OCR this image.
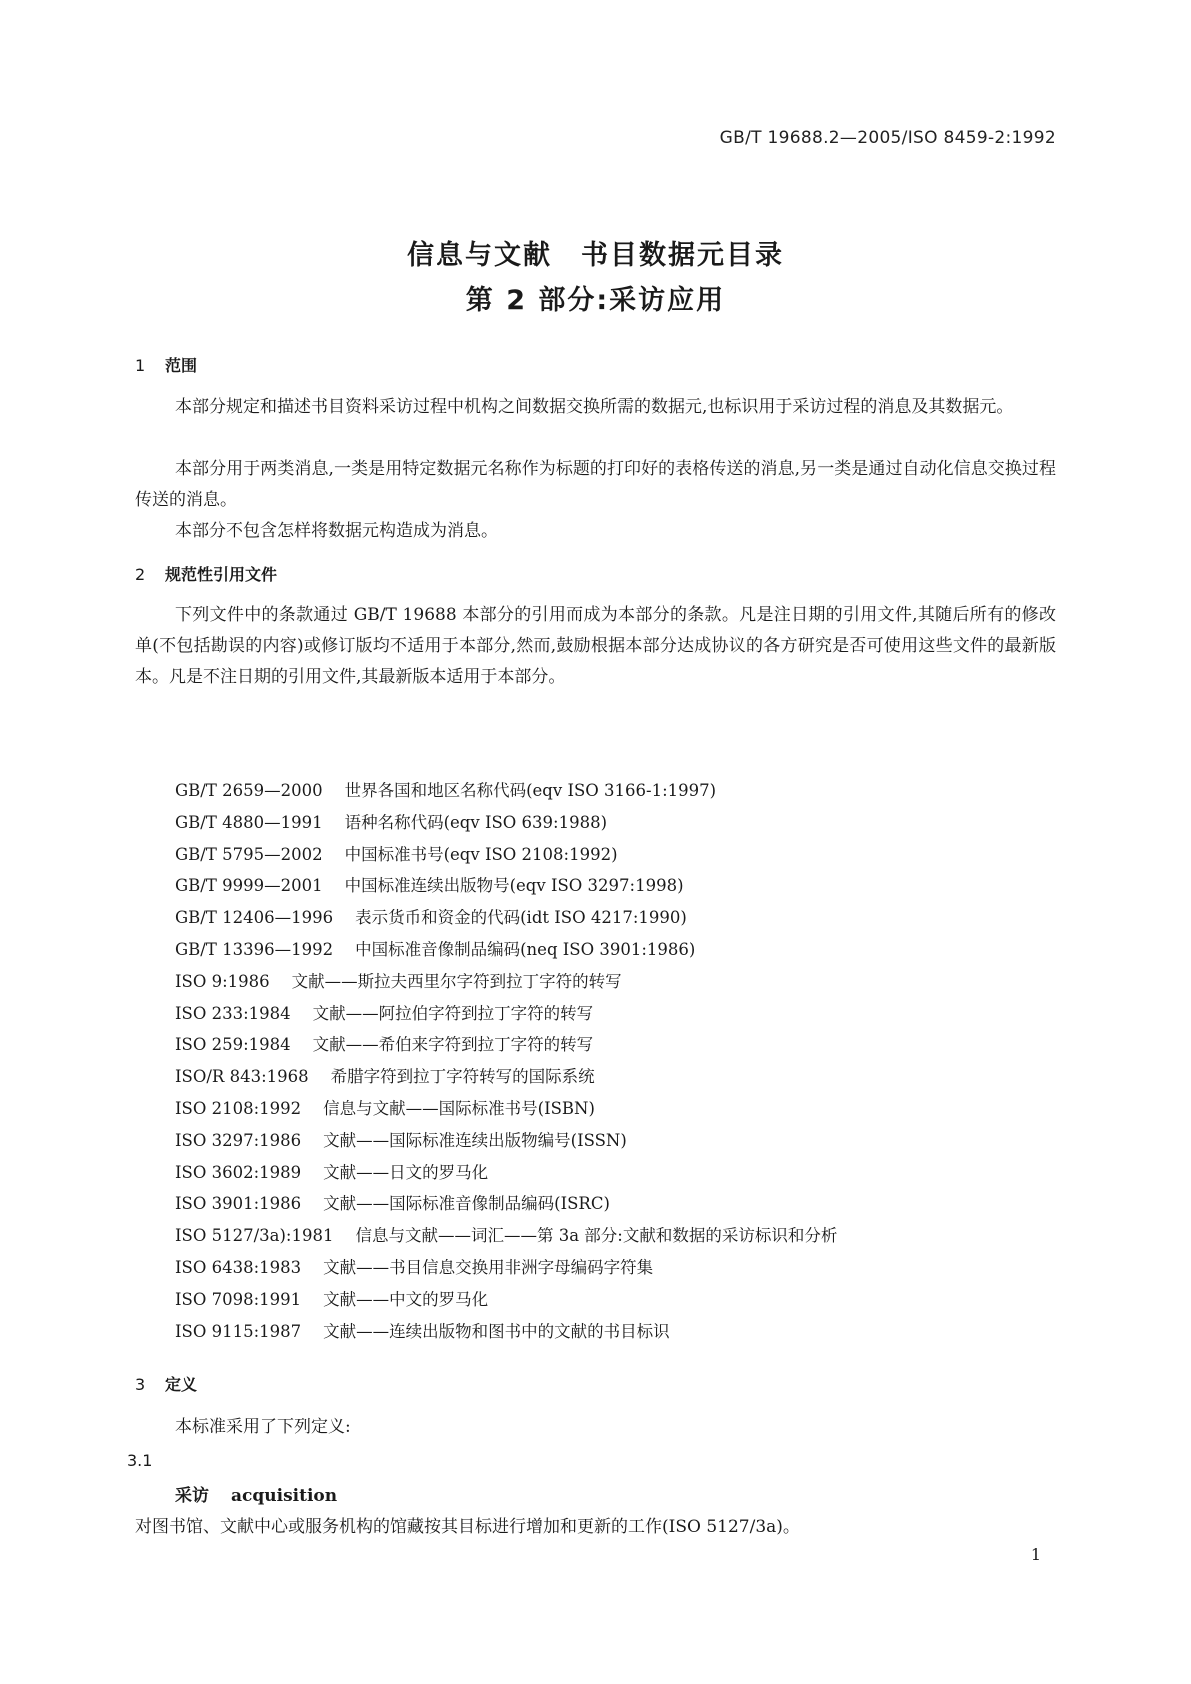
GB/T 19688.2—2005/ISO 8459-2:1992
信息与文献　书目数据元目录
第 2 部分:采访应用
1 范围
本部分规定和描述书目资料采访过程中机构之间数据交换所需的数据元,也标识用于采访过程的消息及其数据元。
本部分用于两类消息,一类是用特定数据元名称作为标题的打印好的表格传送的消息,另一类是通过自动化信息交换过程传送的消息。
本部分不包含怎样将数据元构造成为消息。
2 规范性引用文件
下列文件中的条款通过 GB/T 19688 本部分的引用而成为本部分的条款。凡是注日期的引用文件,其随后所有的修改单(不包括勘误的内容)或修订版均不适用于本部分,然而,鼓励根据本部分达成协议的各方研究是否可使用这些文件的最新版本。凡是不注日期的引用文件,其最新版本适用于本部分。
GB/T 2659—2000 世界各国和地区名称代码(eqv ISO 3166-1:1997)
GB/T 4880—1991 语种名称代码(eqv ISO 639:1988)
GB/T 5795—2002 中国标准书号(eqv ISO 2108:1992)
GB/T 9999—2001 中国标准连续出版物号(eqv ISO 3297:1998)
GB/T 12406—1996 表示货币和资金的代码(idt ISO 4217:1990)
GB/T 13396—1992 中国标准音像制品编码(neq ISO 3901:1986)
ISO 9:1986 文献——斯拉夫西里尔字符到拉丁字符的转写
ISO 233:1984 文献——阿拉伯字符到拉丁字符的转写
ISO 259:1984 文献——希伯来字符到拉丁字符的转写
ISO/R 843:1968 希腊字符到拉丁字符转写的国际系统
ISO 2108:1992 信息与文献——国际标准书号(ISBN)
ISO 3297:1986 文献——国际标准连续出版物编号(ISSN)
ISO 3602:1989 文献——日文的罗马化
ISO 3901:1986 文献——国际标准音像制品编码(ISRC)
ISO 5127/3a):1981 信息与文献——词汇——第 3a 部分:文献和数据的采访标识和分析
ISO 6438:1983 文献——书目信息交换用非洲字母编码字符集
ISO 7098:1991 文献——中文的罗马化
ISO 9115:1987 文献——连续出版物和图书中的文献的书目标识
3 定义
本标准采用了下列定义:
3.1
采访 acquisition
对图书馆、文献中心或服务机构的馆藏按其目标进行增加和更新的工作(ISO 5127/3a)。
1
